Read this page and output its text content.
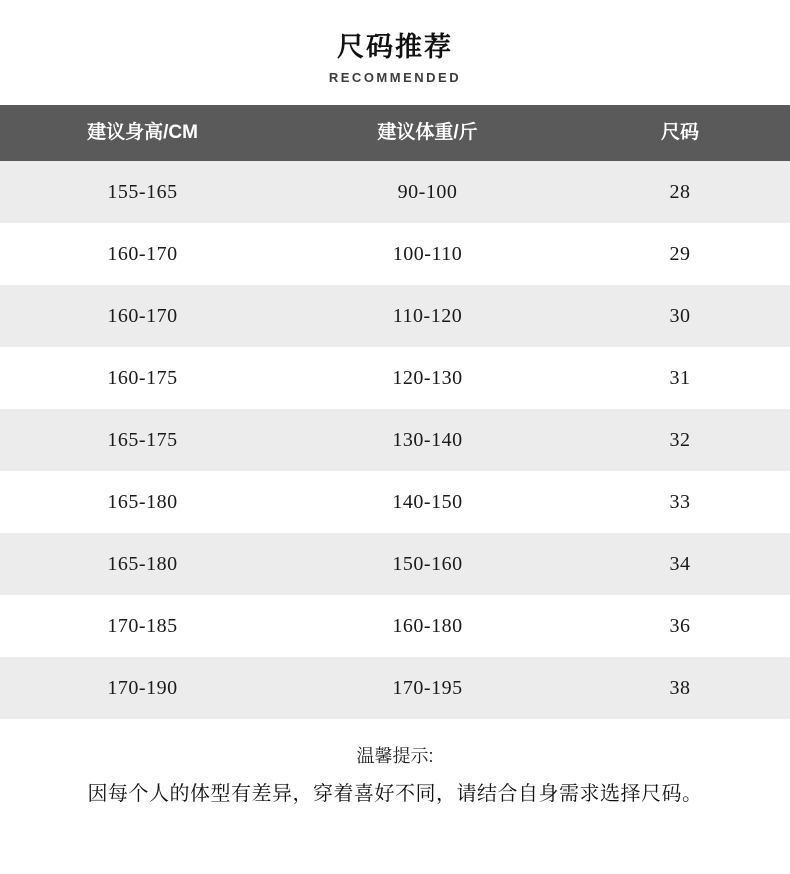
尺码推荐
RECOMMENDED
建议身高/CM	建议体重/斤	尺码
155-165	90-100	28
160-170	100-110	29
160-170	110-120	30
160-175	120-130	31
165-175	130-140	32
165-180	140-150	33
165-180	150-160	34
170-185	160-180	36
170-190	170-195	38
温馨提示:
因每个人的体型有差异，穿着喜好不同，请结合自身需求选择尺码。
